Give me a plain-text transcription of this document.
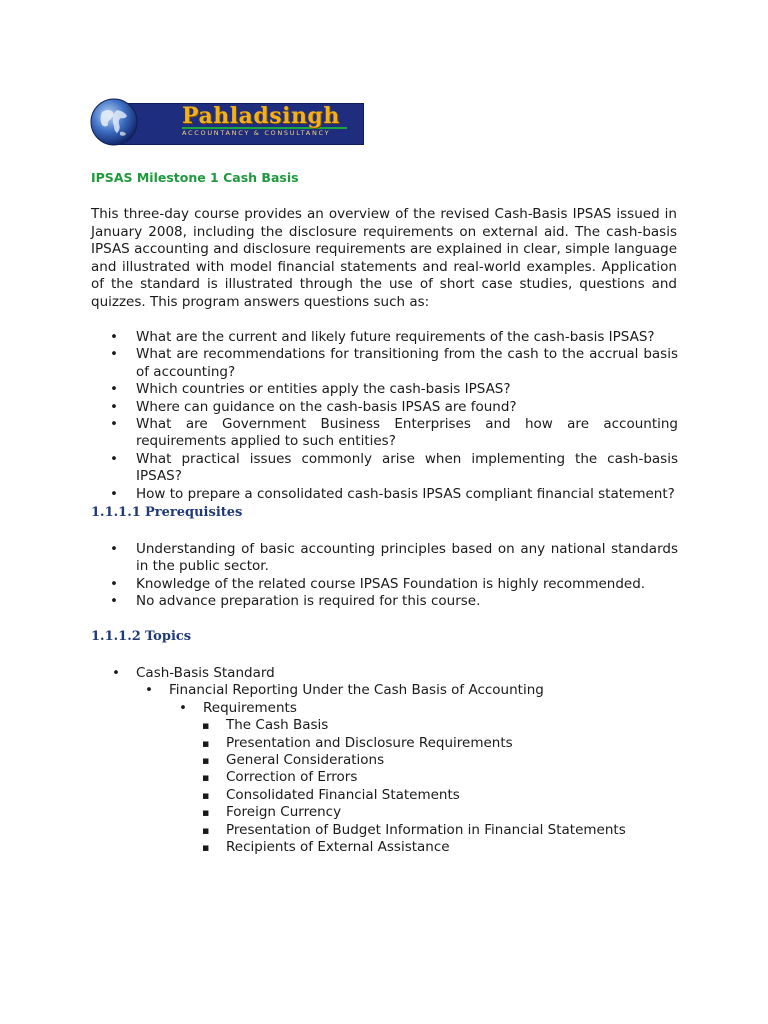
Pahladsingh
ACCOUNTANCY & CONSULTANCY
IPSAS Milestone 1 Cash Basis

This three-day course provides an overview of the revised Cash-Basis IPSAS issued in January 2008, including the disclosure requirements on external aid. The cash-basis IPSAS accounting and disclosure requirements are explained in clear, simple language and illustrated with model financial statements and real-world examples. Application of the standard is illustrated through the use of short case studies, questions and quizzes. This program answers questions such as:

• What are the current and likely future requirements of the cash-basis IPSAS?
• What are recommendations for transitioning from the cash to the accrual basis of accounting?
• Which countries or entities apply the cash-basis IPSAS?
• Where can guidance on the cash-basis IPSAS are found?
• What are Government Business Enterprises and how are accounting requirements applied to such entities?
• What practical issues commonly arise when implementing the cash-basis IPSAS?
• How to prepare a consolidated cash-basis IPSAS compliant financial statement?
1.1.1.1 Prerequisites
• Understanding of basic accounting principles based on any national standards in the public sector.
• Knowledge of the related course IPSAS Foundation is highly recommended.
• No advance preparation is required for this course.
1.1.1.2 Topics
• Cash-Basis Standard
• Financial Reporting Under the Cash Basis of Accounting
• Requirements
▪ The Cash Basis
▪ Presentation and Disclosure Requirements
▪ General Considerations
▪ Correction of Errors
▪ Consolidated Financial Statements
▪ Foreign Currency
▪ Presentation of Budget Information in Financial Statements
▪ Recipients of External Assistance
